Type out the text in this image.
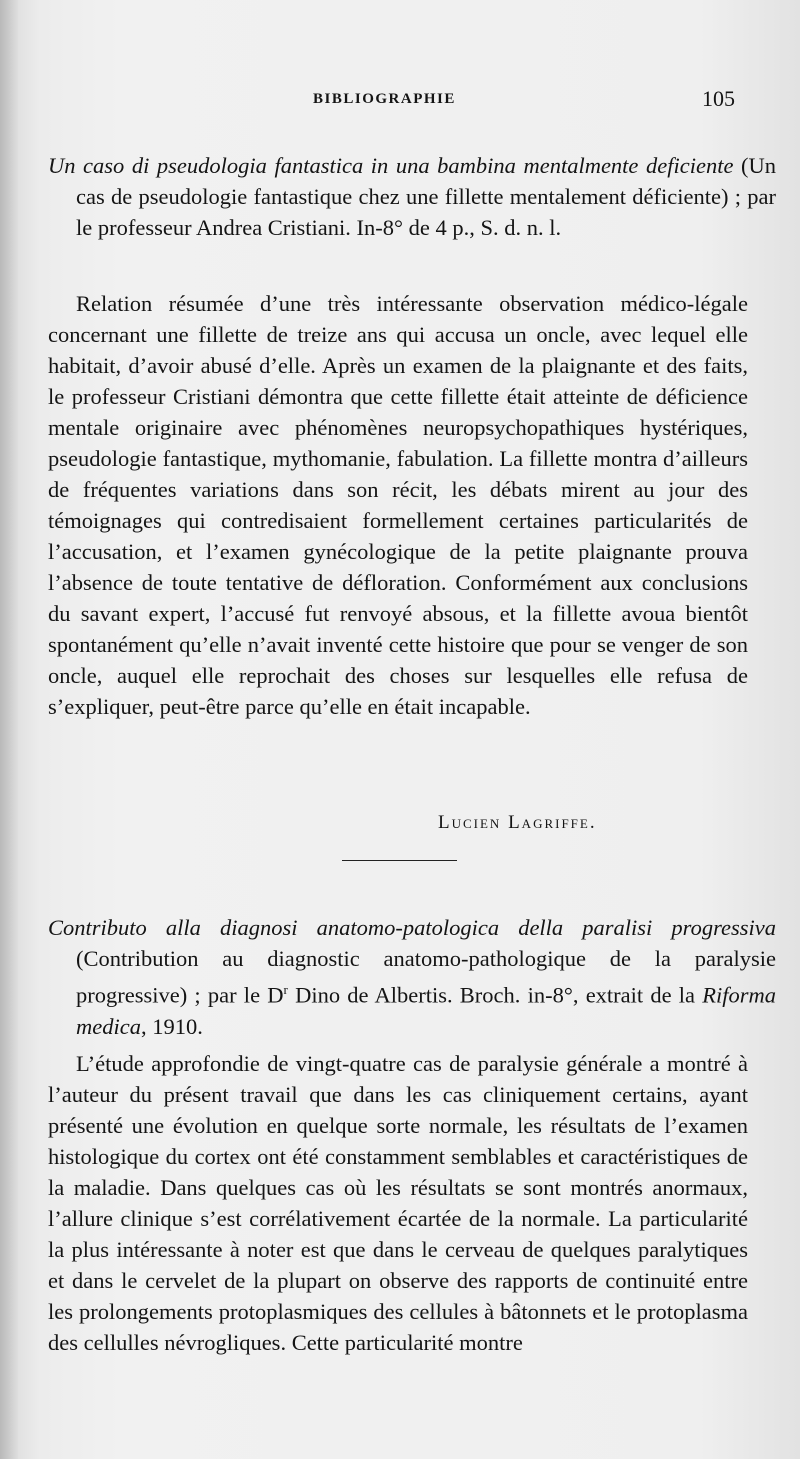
BIBLIOGRAPHIE	105
Un caso di pseudologia fantastica in una bambina mentalmente deficiente (Un cas de pseudologie fantastique chez une fillette mentalement déficiente) ; par le professeur Andrea Cristiani. In-8° de 4 p., S. d. n. l.
Relation résumée d’une très intéressante observation médico-légale concernant une fillette de treize ans qui accusa un oncle, avec lequel elle habitait, d’avoir abusé d’elle. Après un examen de la plaignante et des faits, le professeur Cristiani démontra que cette fillette était atteinte de déficience mentale originaire avec phénomènes neuropsychopathiques hystériques, pseudologie fantastique, mythomanie, fabulation. La fillette montra d’ailleurs de fréquentes variations dans son récit, les débats mirent au jour des témoignages qui contredisaient formellement certaines particularités de l’accusation, et l’examen gynécologique de la petite plaignante prouva l’absence de toute tentative de défloration. Conformément aux conclusions du savant expert, l’accusé fut renvoyé absous, et la fillette avoua bientôt spontanément qu’elle n’avait inventé cette histoire que pour se venger de son oncle, auquel elle reprochait des choses sur lesquelles elle refusa de s’expliquer, peut-être parce qu’elle en était incapable.
Lucien Lagriffe.
Contributo alla diagnosi anatomo-patologica della paralisi progressiva (Contribution au diagnostic anatomo-pathologique de la paralysie progressive) ; par le $D^r$ Dino de Albertis. Broch. in-8°, extrait de la Riforma medica, 1910.
L’étude approfondie de vingt-quatre cas de paralysie générale a montré à l’auteur du présent travail que dans les cas cliniquement certains, ayant présenté une évolution en quelque sorte normale, les résultats de l’examen histologique du cortex ont été constamment semblables et caractéristiques de la maladie. Dans quelques cas où les résultats se sont montrés anormaux, l’allure clinique s’est corrélativement écartée de la normale. La particularité la plus intéressante à noter est que dans le cerveau de quelques paralytiques et dans le cervelet de la plupart on observe des rapports de continuité entre les prolongements protoplasmiques des cellules à bâtonnets et le protoplasma des cellulles névrogliques. Cette particularité montre
